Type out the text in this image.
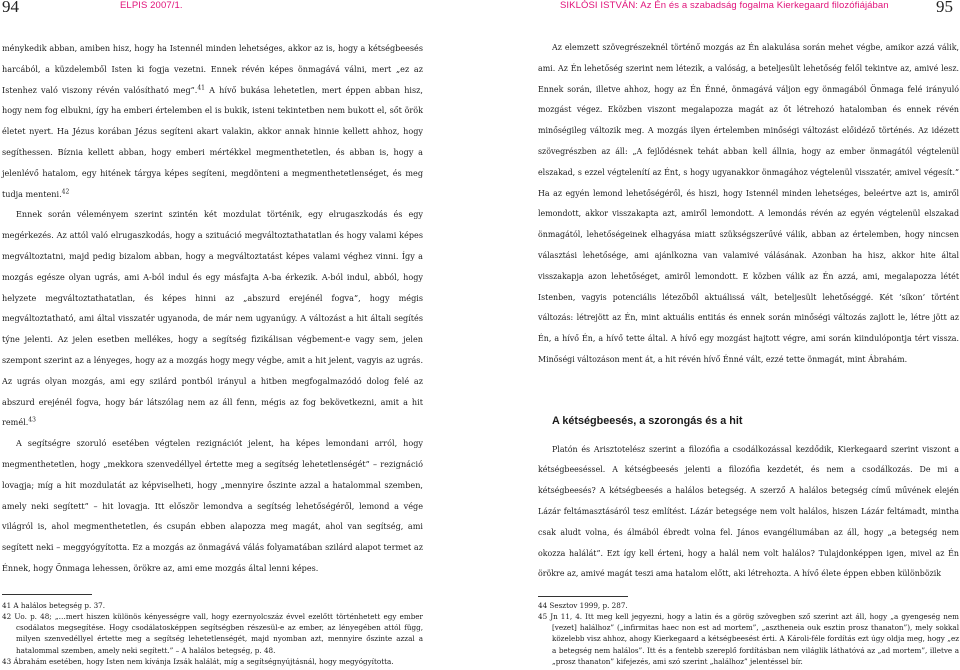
94	ELPIS 2007/1.

ménykedik abban, amiben hisz, hogy ha Istennél minden lehetséges, akkor az is, hogy a kétségbeesés harcából, a küzdelemből Isten ki fogja vezetni. Ennek révén képes önmagává válni, mert „ez az Istenhez való viszony révén valósítható meg”.$^{41}$ A hívő bukása lehetetlen, mert éppen abban hisz, hogy nem fog elbukni, így ha emberi értelemben el is bukik, isteni tekintetben nem bukott el, sőt örök életet nyert. Ha Jézus korában Jézus segíteni akart valakin, akkor annak hinnie kellett ahhoz, hogy segíthessen. Bíznia kellett abban, hogy emberi mértékkel megmenthetetlen, és abban is, hogy a jelenlévő hatalom, egy hitének tárgya képes segíteni, megdönteni a megmenthetetlenséget, és meg tudja menteni.$^{42}$

Ennek során véleményem szerint szintén két mozdulat történik, egy elrugaszkodás és egy megérkezés. Az attól való elrugaszkodás, hogy a szituáció megváltoztathatatlan és hogy valami képes megváltoztatni, majd pedig bizalom abban, hogy a megváltoztatást képes valami véghez vinni. Így a mozgás egésze olyan ugrás, ami A-ból indul és egy másfajta A-ba érkezik. A-ból indul, abból, hogy helyzete megváltoztathatatlan, és képes hinni az „abszurd erejénél fogva”, hogy mégis megváltoztatható, ami által visszatér ugyanoda, de már nem ugyanúgy. A változást a hit általi segítés týne jelenti. Az jelen esetben mellékes, hogy a segítség fizikálisan végbement-e vagy sem, jelen szempont szerint az a lényeges, hogy az a mozgás hogy megy végbe, amit a hit jelent, vagyis az ugrás. Az ugrás olyan mozgás, ami egy szilárd pontból irányul a hitben megfogalmazódó dolog felé az abszurd erejénél fogva, hogy bár látszólag nem az áll fenn, mégis az fog bekövetkezni, amit a hit remél.$^{43}$

A segítségre szoruló esetében végtelen rezignációt jelent, ha képes lemondani arról, hogy megmenthetetlen, hogy „mekkora szenvedéllyel értette meg a segítség lehetetlenségét” – rezignáció lovagja; míg a hit mozdulatát az képviselheti, hogy „mennyire őszinte azzal a hatalommal szemben, amely neki segített” – hit lovagja. Itt először lemondva a segítség lehetőségéről, lemond a vége világról is, ahol megmenthetetlen, és csupán ebben alapozza meg magát, ahol van segítség, ami segített neki – meggyógyította. Ez a mozgás az önmagává válás folyamatában szilárd alapot termet az Énnek, hogy Önmaga lehessen, örökre az, ami eme mozgás által lenni képes.

41 A halálos betegség p. 37.
42 Uo. p. 48; „…mert hiszen különös kényességre vall, hogy ezernyolcszáz évvel ezelőtt történhetett egy ember csodálatos megsegítése. Hogy csodálatosképpen segítségben részesül-e az ember, az lényegében attól függ, milyen szenvedéllyel értette meg a segítség lehetetlenségét, majd nyomban azt, mennyire őszinte azzal a hatalommal szemben, amely neki segített.” – A halálos betegség, p. 48.
43 Ábrahám esetében, hogy Isten nem kívánja Izsák halálát, míg a segítségnyújtásnál, hogy megyógyította.
SIKLÓSI ISTVÁN: Az Én és a szabadság fogalma Kierkegaard filozófiájában	95

Az elemzett szövegrészeknél történő mozgás az Én alakulása során mehet végbe, amikor azzá válik, ami. Az Én lehetőség szerint nem létezik, a valóság, a beteljesült lehetőség felől tekintve az, amivé lesz. Ennek során, illetve ahhoz, hogy az Én Énné, önmagává váljon egy önmagából Önmaga felé irányuló mozgást végez. Eközben viszont megalapozza magát az őt létrehozó hatalomban és ennek révén minőségileg változik meg. A mozgás ilyen értelemben minőségi változást előidéző történés. Az idézett szövegrészben az áll: „A fejlődésnek tehát abban kell állnia, hogy az ember önmagától végtelenül elszakad, s ezzel végtelenítí az Ént, s hogy ugyanakkor önmagához végtelenül visszatér, amivel végesít.” Ha az egyén lemond lehetőségéről, és hiszi, hogy Istennél minden lehetséges, beleértve azt is, amiről lemondott, akkor visszakapta azt, amiről lemondott. A lemondás révén az egyén végtelenül elszakad önmagától, lehetőségeinek elhagyása miatt szükségszerűvé válik, abban az értelemben, hogy nincsen választási lehetősége, ami ajánlkozna van valamivé válásának. Azonban ha hisz, akkor hite által visszakapja azon lehetőséget, amiről lemondott. E közben válik az Én azzá, ami, megalapozza létét Istenben, vagyis potenciális létezőből aktuálissá vált, beteljesült lehetőséggé. Két ‘síkon’ történt változás: létrejött az Én, mint aktuális entitás és ennek során minőségi változás zajlott le, létre jött az Én, a hívő Én, a hívő tette által. A hívő egy mozgást hajtott végre, ami során kiindulópontja tért vissza. Minőségi változáson ment át, a hit révén hívő Énné vált, ezzé tette önmagát, mint Ábrahám.

A kétségbeesés, a szorongás és a hit

Platón és Arisztotelész szerint a filozófia a csodálkozással kezdődik, Kierkegaard szerint viszont a kétségbeeséssel. A kétségbeesés jelenti a filozófia kezdetét, és nem a csodálkozás. De mi a kétségbeesés? A kétségbeesés a halálos betegség. A szerző A halálos betegség című művének elején Lázár feltámasztásáról tesz említést. Lázár betegsége nem volt halálos, hiszen Lázár feltámadt, mintha csak aludt volna, és álmából ébredt volna fel. János evangéliumában az áll, hogy „a betegség nem okozza halálát”. Ezt így kell érteni, hogy a halál nem volt halálos? Tulajdonképpen igen, mivel az Én örökre az, amivé magát teszi ama hatalom előtt, aki létrehozta. A hívő élete éppen ebben különbözik

44 Sesztov 1999, p. 287.
45 Jn 11, 4. Itt meg kell jegyezni, hogy a latin és a görög szövegben sző szerint azt áll, hogy „a gyengeség nem [vezet] halálhoz” („infirmitas haec non est ad mortem”, „asztheneia ouk esztin prosz thanaton”), mely sokkal közelebb visz ahhoz, ahogy Kierkegaard a kétségbeesést érti. A Károli-féle fordítás ezt úgy oldja meg, hogy „ez a betegség nem halálos”. Itt és a fentebb szereplő fordításban nem világlik láthatóvá az „ad mortem”, illetve a „prosz thanaton” kifejezés, ami szó szerint „halálhoz” jelentéssel bír.
